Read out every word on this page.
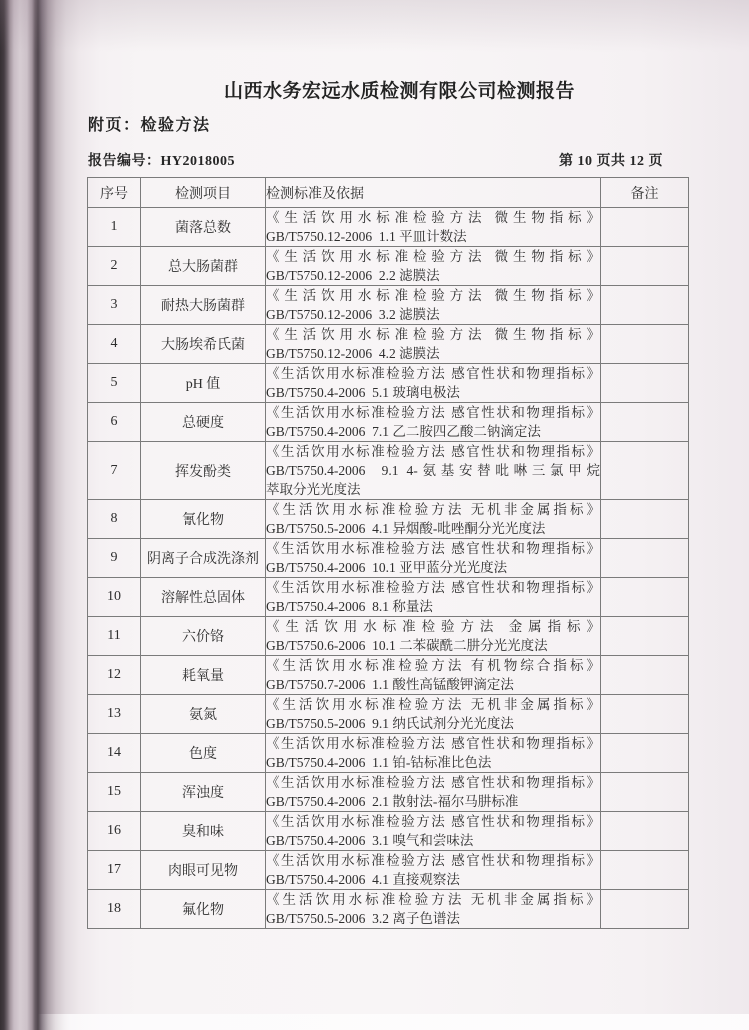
山西水务宏远水质检测有限公司检测报告
附页：检验方法
报告编号：HY2018005	第 10 页共 12 页
序号	检测项目	检测标准及依据	备注
1	菌落总数	《生活饮用水标准检验方法 微生物指标》
GB/T5750.12-2006  1.1 平皿计数法	

2	总大肠菌群	《生活饮用水标准检验方法 微生物指标》
GB/T5750.12-2006  2.2 滤膜法	

3	耐热大肠菌群	《生活饮用水标准检验方法 微生物指标》
GB/T5750.12-2006  3.2 滤膜法	

4	大肠埃希氏菌	《生活饮用水标准检验方法 微生物指标》
GB/T5750.12-2006  4.2 滤膜法	

5	pH 值	《生活饮用水标准检验方法 感官性状和物理指标》
GB/T5750.4-2006  5.1 玻璃电极法	

6	总硬度	《生活饮用水标准检验方法 感官性状和物理指标》
GB/T5750.4-2006  7.1 乙二胺四乙酸二钠滴定法	

7	挥发酚类	《生活饮用水标准检验方法 感官性状和物理指标》
GB/T5750.4-2006  9.1 4-氨基安替吡啉三氯甲烷
萃取分光光度法	

8	氰化物	《生活饮用水标准检验方法 无机非金属指标》
GB/T5750.5-2006  4.1 异烟酸-吡唑酮分光光度法	

9	阴离子合成洗涤剂	《生活饮用水标准检验方法 感官性状和物理指标》
GB/T5750.4-2006  10.1 亚甲蓝分光光度法	

10	溶解性总固体	《生活饮用水标准检验方法 感官性状和物理指标》
GB/T5750.4-2006  8.1 称量法	

11	六价铬	《生活饮用水标准检验方法 金属指标》
GB/T5750.6-2006  10.1 二苯碳酰二肼分光光度法	

12	耗氧量	《生活饮用水标准检验方法 有机物综合指标》
GB/T5750.7-2006  1.1 酸性高锰酸钾滴定法	

13	氨氮	《生活饮用水标准检验方法 无机非金属指标》
GB/T5750.5-2006  9.1 纳氏试剂分光光度法	

14	色度	《生活饮用水标准检验方法 感官性状和物理指标》
GB/T5750.4-2006  1.1 铂-钴标准比色法	

15	浑浊度	《生活饮用水标准检验方法 感官性状和物理指标》
GB/T5750.4-2006  2.1 散射法-福尔马肼标准	

16	臭和味	《生活饮用水标准检验方法 感官性状和物理指标》
GB/T5750.4-2006  3.1 嗅气和尝味法	

17	肉眼可见物	《生活饮用水标准检验方法 感官性状和物理指标》
GB/T5750.4-2006  4.1 直接观察法	

18	氟化物	《生活饮用水标准检验方法 无机非金属指标》
GB/T5750.5-2006  3.2 离子色谱法	
